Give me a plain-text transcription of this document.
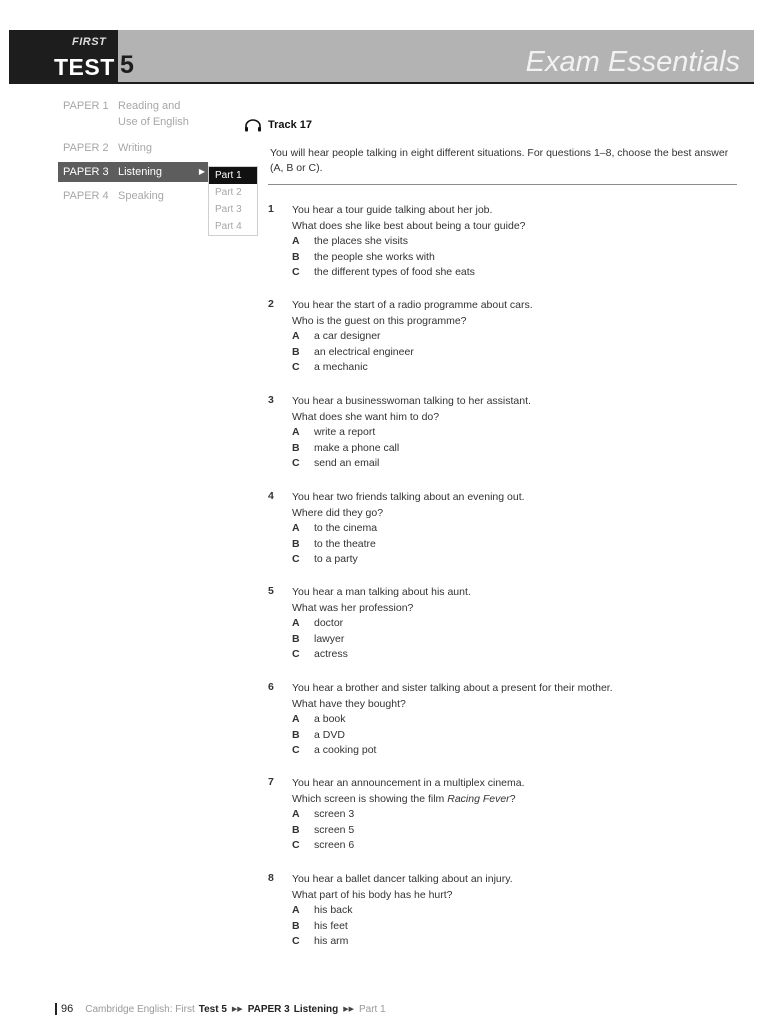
FIRST
TEST 5	Exam Essentials
PAPER 1 Reading and
Use of English
PAPER 2 Writing
PAPER 3 Listening	▶
PAPER 4 Speaking
Part 1
Part 2
Part 3
Part 4
Track 17

You will hear people talking in eight different situations. For questions 1–8, choose the best answer (A, B or C).

1 You hear a tour guide talking about her job.
What does she like best about being a tour guide?
A the places she visits
B the people she works with
C the different types of food she eats
2 You hear the start of a radio programme about cars.
Who is the guest on this programme?
A a car designer
B an electrical engineer
C a mechanic
3 You hear a businesswoman talking to her assistant.
What does she want him to do?
A write a report
B make a phone call
C send an email
4 You hear two friends talking about an evening out.
Where did they go?
A to the cinema
B to the theatre
C to a party
5 You hear a man talking about his aunt.
What was her profession?
A doctor
B lawyer
C actress
6 You hear a brother and sister talking about a present for their mother.
What have they bought?
A a book
B a DVD
C a cooking pot
7 You hear an announcement in a multiplex cinema.
Which screen is showing the film Racing Fever?
A screen 3
B screen 5
C screen 6
8 You hear a ballet dancer talking about an injury.
What part of his body has he hurt?
A his back
B his feet
C his arm
96 Cambridge English: First Test 5 ▶▶ PAPER 3 Listening ▶▶ Part 1
